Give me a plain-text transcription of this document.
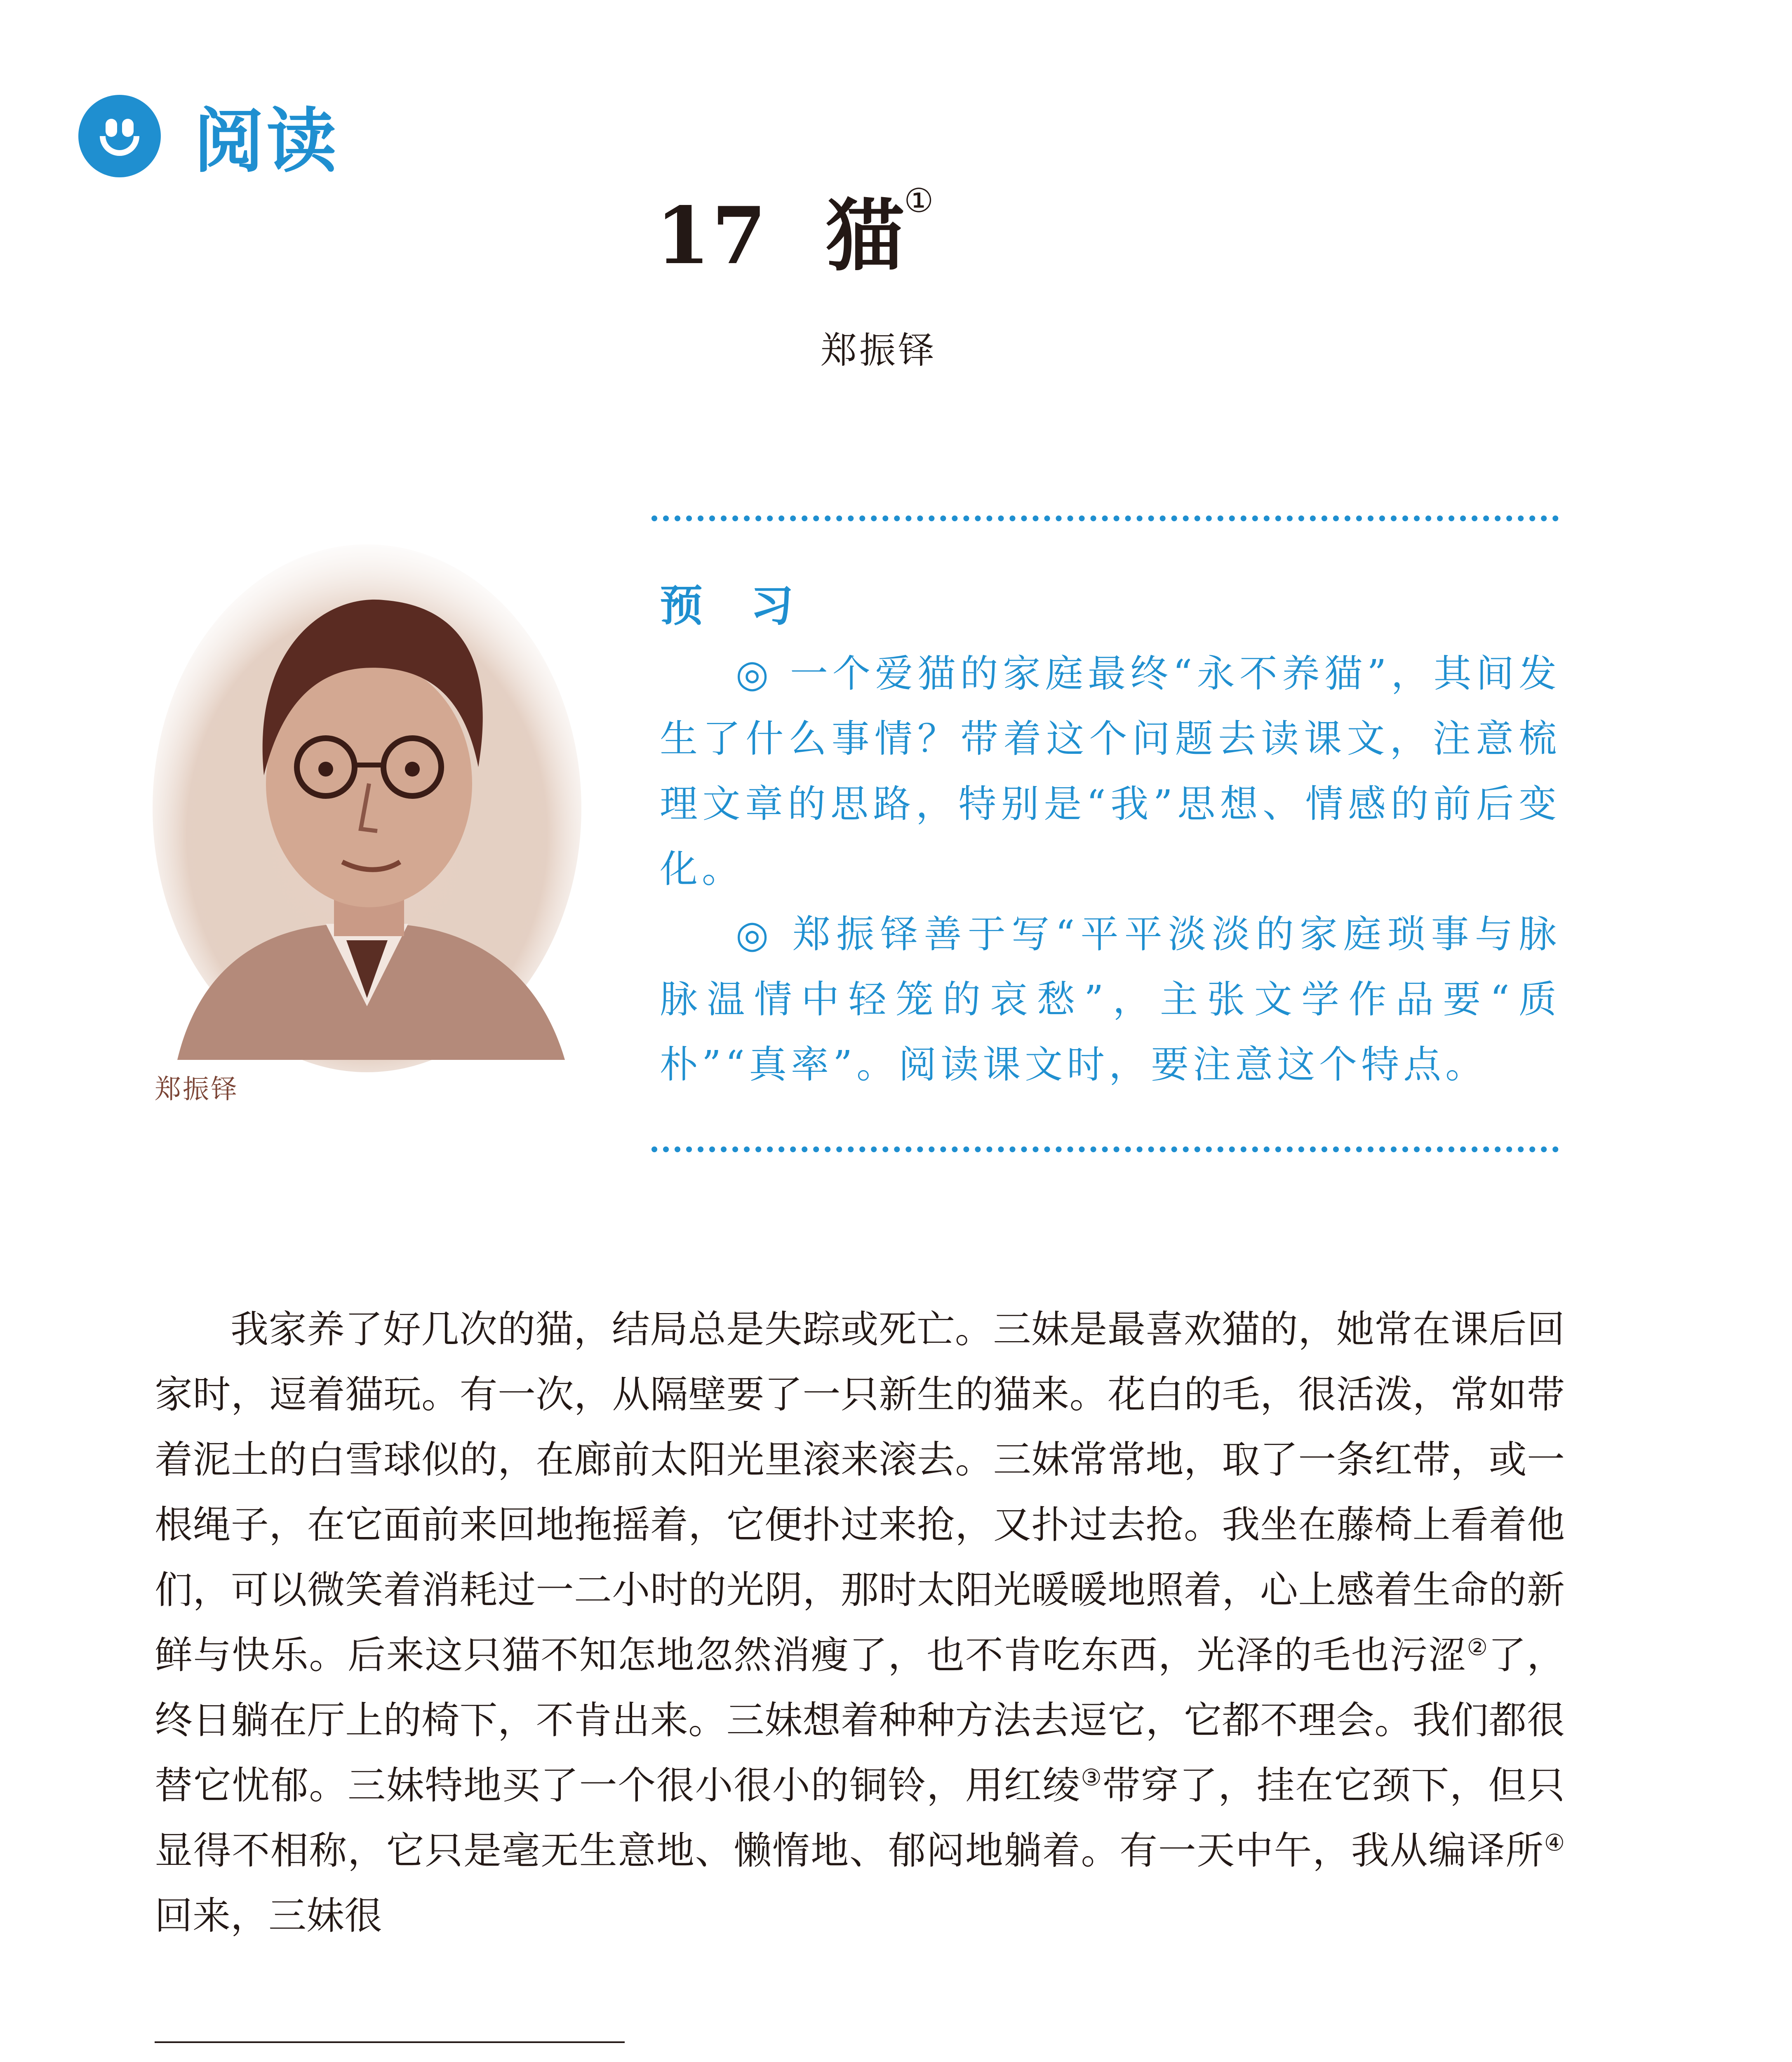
阅读
17 猫①
郑振铎
郑振铎
预 习

◎ 一个爱猫的家庭最终“永不养猫”，其间发生了什么事情？带着这个问题去读课文，注意梳理文章的思路，特别是“我”思想、情感的前后变化。

◎ 郑振铎善于写“平平淡淡的家庭琐事与脉脉温情中轻笼的哀愁”，主张文学作品要“质朴”“真率”。阅读课文时，要注意这个特点。

我家养了好几次的猫，结局总是失踪或死亡。三妹是最喜欢猫的，她常在课后回家时，逗着猫玩。有一次，从隔壁要了一只新生的猫来。花白的毛，很活泼，常如带着泥土的白雪球似的，在廊前太阳光里滚来滚去。三妹常常地，取了一条红带，或一根绳子，在它面前来回地拖摇着，它便扑过来抢，又扑过去抢。我坐在藤椅上看着他们，可以微笑着消耗过一二小时的光阴，那时太阳光暖暖地照着，心上感着生命的新鲜与快乐。后来这只猫不知怎地忽然消瘦了，也不肯吃东西，光泽的毛也污涩②了，终日躺在厅上的椅下，不肯出来。三妹想着种种方法去逗它，它都不理会。我们都很替它忧郁。三妹特地买了一个很小很小的铜铃，用红绫③带穿了，挂在它颈下，但只显得不相称，它只是毫无生意地、懒惰地、郁闷地躺着。有一天中午，我从编译所④回来，三妹很
